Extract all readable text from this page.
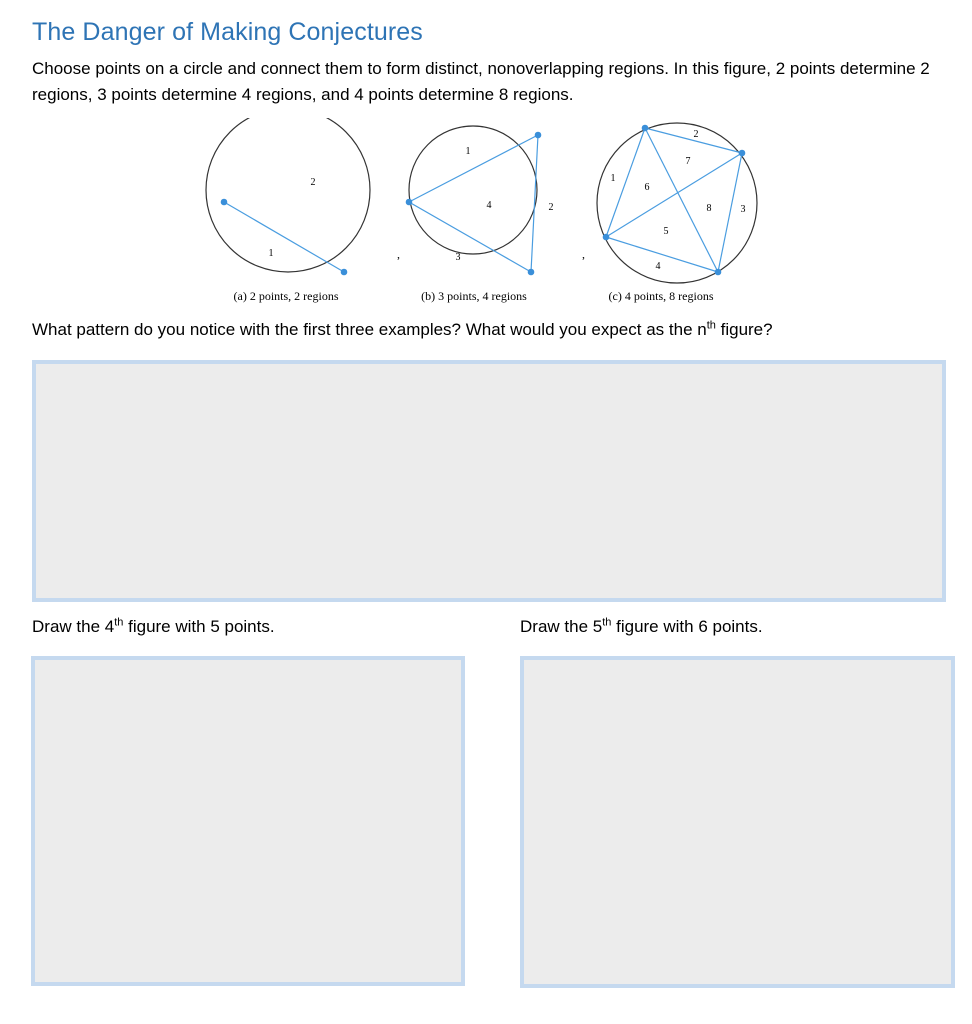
The Danger of Making Conjectures
Choose points on a circle and connect them to form distinct, nonoverlapping regions. In this figure, 2 points determine 2 regions, 3 points determine 4 regions, and 4 points determine 8 regions.
2
1
(a) 2 points, 2 regions
,
1
4	2
3
(b) 3 points, 4 regions
,
2
7
1
6
8	3
5
4
(c) 4 points, 8 regions
What pattern do you notice with the first three examples? What would you expect as the $n^{th}$ figure?
Draw the 4th figure with 5 points.	Draw the 5th figure with 6 points.
